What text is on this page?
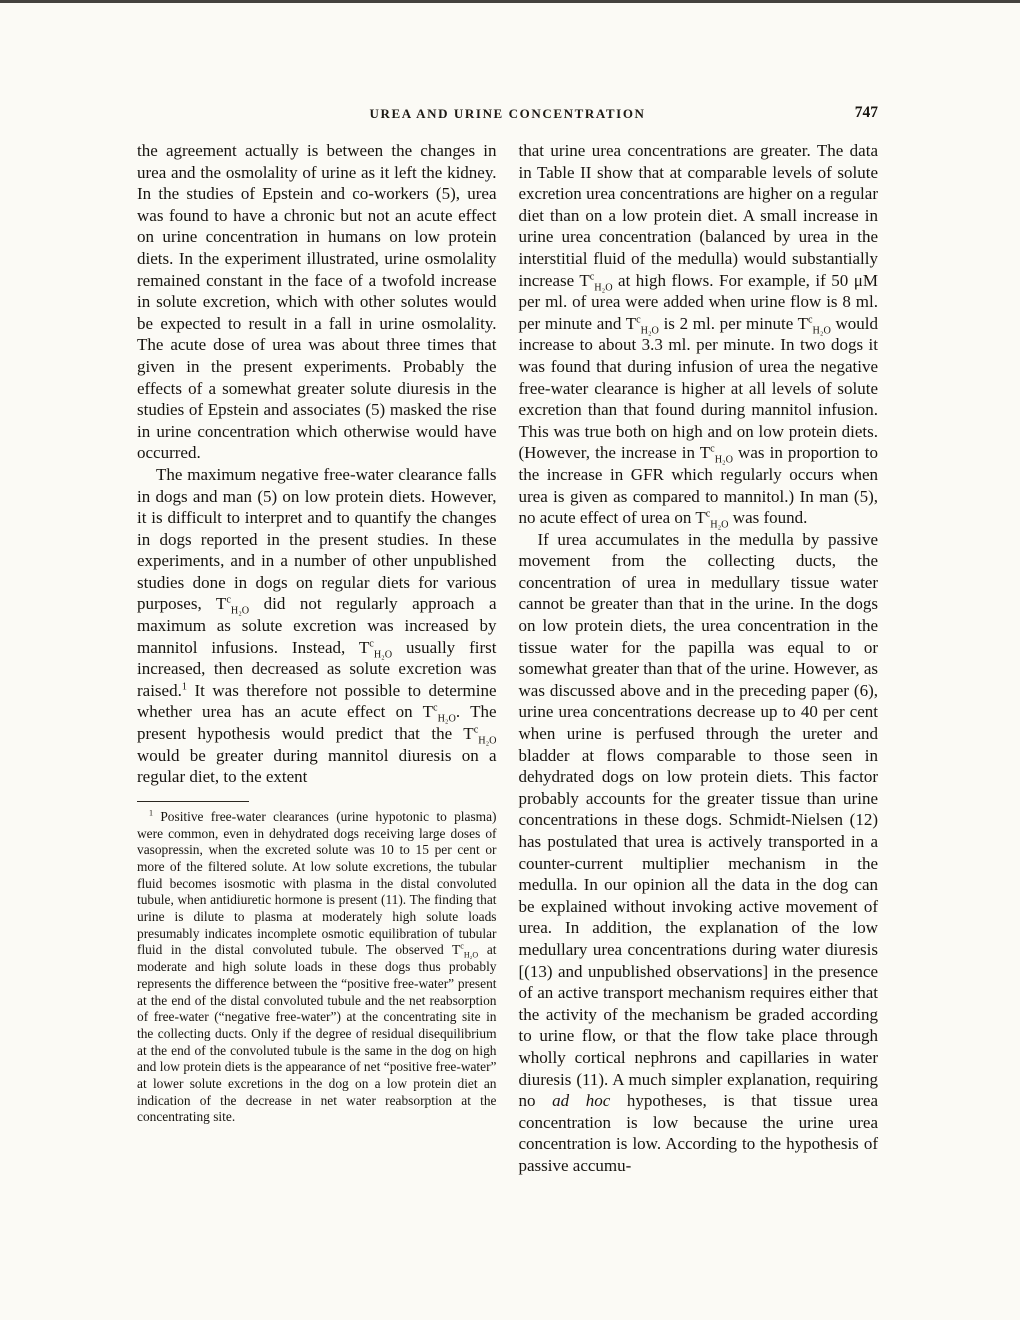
UREA AND URINE CONCENTRATION	747

the agreement actually is between the changes in urea and the osmolality of urine as it left the kidney. In the studies of Epstein and co-workers (5), urea was found to have a chronic but not an acute effect on urine concentration in humans on low protein diets. In the experiment illustrated, urine osmolality remained constant in the face of a twofold increase in solute excretion, which with other solutes would be expected to result in a fall in urine osmolality. The acute dose of urea was about three times that given in the present experiments. Probably the effects of a somewhat greater solute diuresis in the studies of Epstein and associates (5) masked the rise in urine concentration which otherwise would have occurred.

The maximum negative free-water clearance falls in dogs and man (5) on low protein diets. However, it is difficult to interpret and to quantify the changes in dogs reported in the present studies. In these experiments, and in a number of other unpublished studies done in dogs on regular diets for various purposes, $T^c_{H_2O}$ did not regularly approach a maximum as solute excretion was increased by mannitol infusions. Instead, $T^c_{H_2O}$ usually first increased, then decreased as solute excretion was raised.$^1$ It was therefore not possible to determine whether urea has an acute effect on $T^c_{H_2O}$. The present hypothesis would predict that the $T^c_{H_2O}$ would be greater during mannitol diuresis on a regular diet, to the extent

$^1$ Positive free-water clearances (urine hypotonic to plasma) were common, even in dehydrated dogs receiving large doses of vasopressin, when the excreted solute was 10 to 15 per cent or more of the filtered solute. At low solute excretions, the tubular fluid becomes isosmotic with plasma in the distal convoluted tubule, when antidiuretic hormone is present (11). The finding that urine is dilute to plasma at moderately high solute loads presumably indicates incomplete osmotic equilibration of tubular fluid in the distal convoluted tubule. The observed $T^c_{H_2O}$ at moderate and high solute loads in these dogs thus probably represents the difference between the “positive free-water” present at the end of the distal convoluted tubule and the net reabsorption of free-water (“negative free-water”) at the concentrating site in the collecting ducts. Only if the degree of residual disequilibrium at the end of the convoluted tubule is the same in the dog on high and low protein diets is the appearance of net “positive free-water” at lower solute excretions in the dog on a low protein diet an indication of the decrease in net water reabsorption at the concentrating site.

that urine urea concentrations are greater. The data in Table II show that at comparable levels of solute excretion urea concentrations are higher on a regular diet than on a low protein diet. A small increase in urine urea concentration (balanced by urea in the interstitial fluid of the medulla) would substantially increase $T^c_{H_2O}$ at high flows. For example, if 50 μM per ml. of urea were added when urine flow is 8 ml. per minute and $T^c_{H_2O}$ is 2 ml. per minute $T^c_{H_2O}$ would increase to about 3.3 ml. per minute. In two dogs it was found that during infusion of urea the negative free-water clearance is higher at all levels of solute excretion than that found during mannitol infusion. This was true both on high and on low protein diets. (However, the increase in $T^c_{H_2O}$ was in proportion to the increase in GFR which regularly occurs when urea is given as compared to mannitol.) In man (5), no acute effect of urea on $T^c_{H_2O}$ was found.

If urea accumulates in the medulla by passive movement from the collecting ducts, the concentration of urea in medullary tissue water cannot be greater than that in the urine. In the dogs on low protein diets, the urea concentration in the tissue water for the papilla was equal to or somewhat greater than that of the urine. However, as was discussed above and in the preceding paper (6), urine urea concentrations decrease up to 40 per cent when urine is perfused through the ureter and bladder at flows comparable to those seen in dehydrated dogs on low protein diets. This factor probably accounts for the greater tissue than urine concentrations in these dogs. Schmidt-Nielsen (12) has postulated that urea is actively transported in a counter-current multiplier mechanism in the medulla. In our opinion all the data in the dog can be explained without invoking active movement of urea. In addition, the explanation of the low medullary urea concentrations during water diuresis [(13) and unpublished observations] in the presence of an active transport mechanism requires either that the activity of the mechanism be graded according to urine flow, or that the flow take place through wholly cortical nephrons and capillaries in water diuresis (11). A much simpler explanation, requiring no ad hoc hypotheses, is that tissue urea concentration is low because the urine urea concentration is low. According to the hypothesis of passive accumu-
